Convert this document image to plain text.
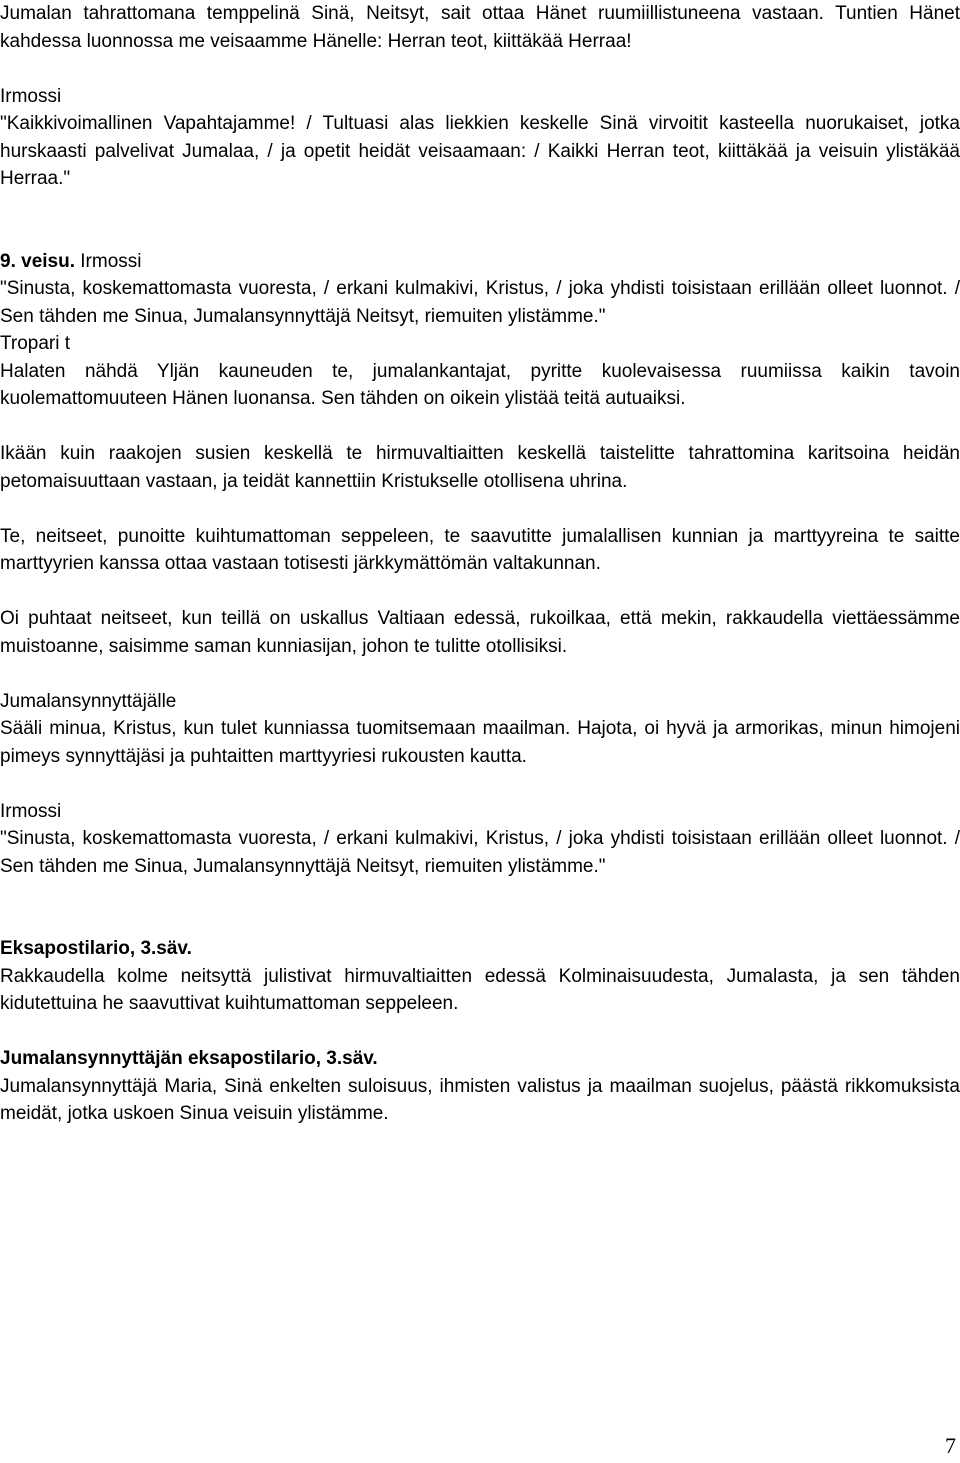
Jumalan tahrattomana temppelinä Sinä, Neitsyt, sait ottaa Hänet ruumiillistuneena vastaan. Tuntien Hänet kahdessa luonnossa me veisaamme Hänelle: Herran teot, kiittäkää Herraa!

Irmossi

"Kaikkivoimallinen Vapahtajamme! / Tultuasi alas liekkien keskelle Sinä virvoitit kasteella nuorukaiset, jotka hurskaasti palvelivat Jumalaa, / ja opetit heidät veisaamaan: / Kaikki Herran teot, kiittäkää ja veisuin ylistäkää Herraa."

9. veisu. Irmossi

"Sinusta, koskemattomasta vuoresta, / erkani kulmakivi, Kristus, / joka yhdisti toisistaan erillään olleet luonnot. / Sen tähden me Sinua, Jumalansynnyttäjä Neitsyt, riemuiten ylistämme."

Tropari t

Halaten nähdä Yljän kauneuden te, jumalankantajat, pyritte kuolevaisessa ruumiissa kaikin tavoin kuolemattomuuteen Hänen luonansa. Sen tähden on oikein ylistää teitä autuaiksi.

Ikään kuin raakojen susien keskellä te hirmuvaltiaitten keskellä taistelitte tahrattomina karitsoina heidän petomaisuuttaan vastaan, ja teidät kannettiin Kristukselle otollisena uhrina.

Te, neitseet, punoitte kuihtumattoman seppeleen, te saavutitte jumalallisen kunnian ja marttyyreina te saitte marttyyrien kanssa ottaa vastaan totisesti järkkymättömän valtakunnan.

Oi puhtaat neitseet, kun teillä on uskallus Valtiaan edessä, rukoilkaa, että mekin, rakkaudella viettäessämme muistoanne, saisimme saman kunniasijan, johon te tulitte otollisiksi.

Jumalansynnyttäjälle

Sääli minua, Kristus, kun tulet kunniassa tuomitsemaan maailman. Hajota, oi hyvä ja armorikas, minun himojeni pimeys synnyttäjäsi ja puhtaitten marttyyriesi rukousten kautta.

Irmossi

"Sinusta, koskemattomasta vuoresta, / erkani kulmakivi, Kristus, / joka yhdisti toisistaan erillään olleet luonnot. / Sen tähden me Sinua, Jumalansynnyttäjä Neitsyt, riemuiten ylistämme."

Eksapostilario, 3.säv.

Rakkaudella kolme neitsyttä julistivat hirmuvaltiaitten edessä Kolminaisuudesta, Jumalasta, ja sen tähden kidutettuina he saavuttivat kuihtumattoman seppeleen.

Jumalansynnyttäjän eksapostilario, 3.säv.

Jumalansynnyttäjä Maria, Sinä enkelten suloisuus, ihmisten valistus ja maailman suojelus, päästä rikkomuksista meidät, jotka uskoen Sinua veisuin ylistämme.

7
